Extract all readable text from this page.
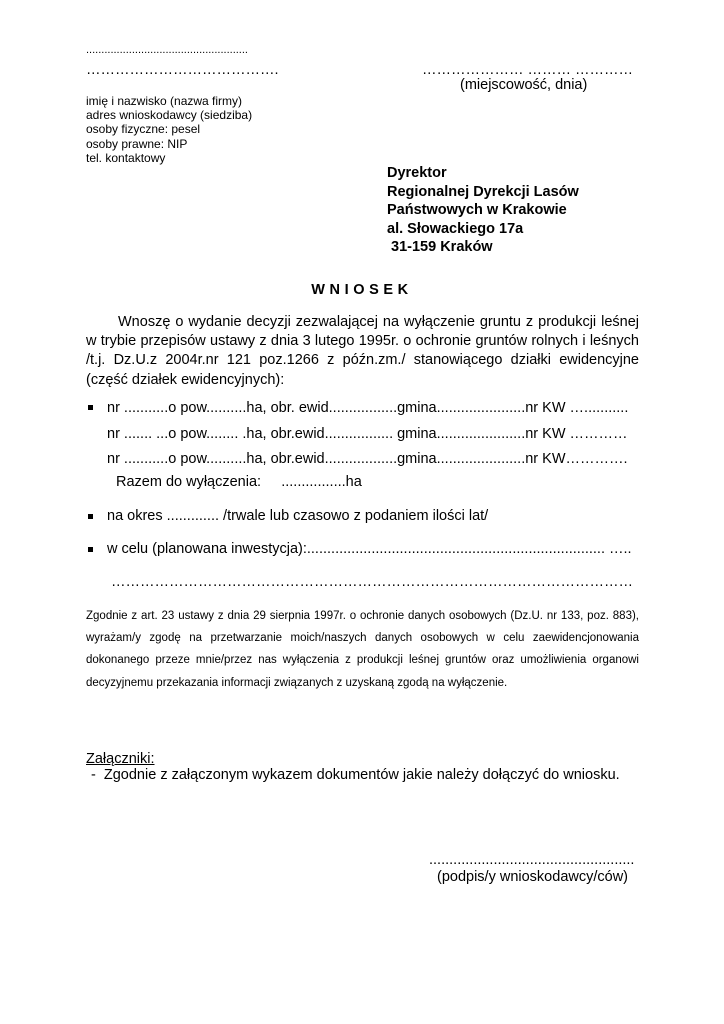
.....................................................
………………………………….	………………… ……… …………
(miejscowość, dnia)
imię i nazwisko (nazwa firmy)
adres wnioskodawcy (siedziba)
osoby fizyczne: pesel
osoby prawne: NIP
tel. kontaktowy
Dyrektor
Regionalnej Dyrekcji Lasów
Państwowych w Krakowie
al. Słowackiego 17a
31-159 Kraków
WNIOSEK
Wnoszę o wydanie decyzji zezwalającej na wyłączenie gruntu z produkcji leśnej w trybie przepisów ustawy z dnia 3 lutego 1995r. o ochronie gruntów rolnych i leśnych /t.j. Dz.U.z 2004r.nr 121 poz.1266 z późn.zm./ stanowiącego działki ewidencyjne (część działek ewidencyjnych):
nr ...........o pow..........ha, obr. ewid.................gmina......................nr KW …...........
nr ....... ...o pow........ .ha, obr.ewid................. gmina......................nr KW …………
nr ...........o pow..........ha, obr.ewid..................gmina......................nr KW………….
Razem do wyłączenia:     ................ha
na okres ............. /trwale lub czasowo z podaniem ilości lat/
w celu (planowana inwestycja):.......................................................................... …..
………………………………………………………………………………………………
Zgodnie z art. 23 ustawy z dnia 29 sierpnia 1997r. o ochronie danych osobowych (Dz.U. nr 133, poz. 883), wyrażam/y zgodę na przetwarzanie moich/naszych danych osobowych w celu zaewidencjonowania dokonanego przeze mnie/przez nas wyłączenia z produkcji leśnej gruntów oraz umożliwienia organowi decyzyjnemu przekazania informacji związanych z uzyskaną zgodą na wyłączenie.
Załączniki:
-  Zgodnie z załączonym wykazem dokumentów jakie należy dołączyć do wniosku.
...................................................
(podpis/y wnioskodawcy/ców)
